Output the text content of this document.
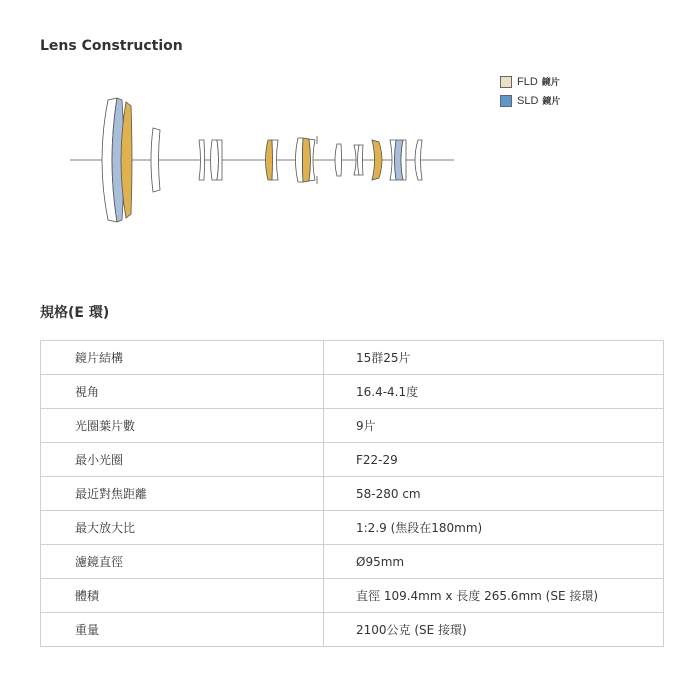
Lens Construction
FLD 鏡片
SLD 鏡片
規格(E 環)
鏡片結構	15群25片
視角	16.4-4.1度
光圈葉片數	9片
最小光圈	F22-29
最近對焦距離	58-280 cm
最大放大比	1:2.9 (焦段在180mm)
濾鏡直徑	Ø95mm
體積	直徑 109.4mm x 長度 265.6mm (SE 接環)
重量	2100公克 (SE 接環)
